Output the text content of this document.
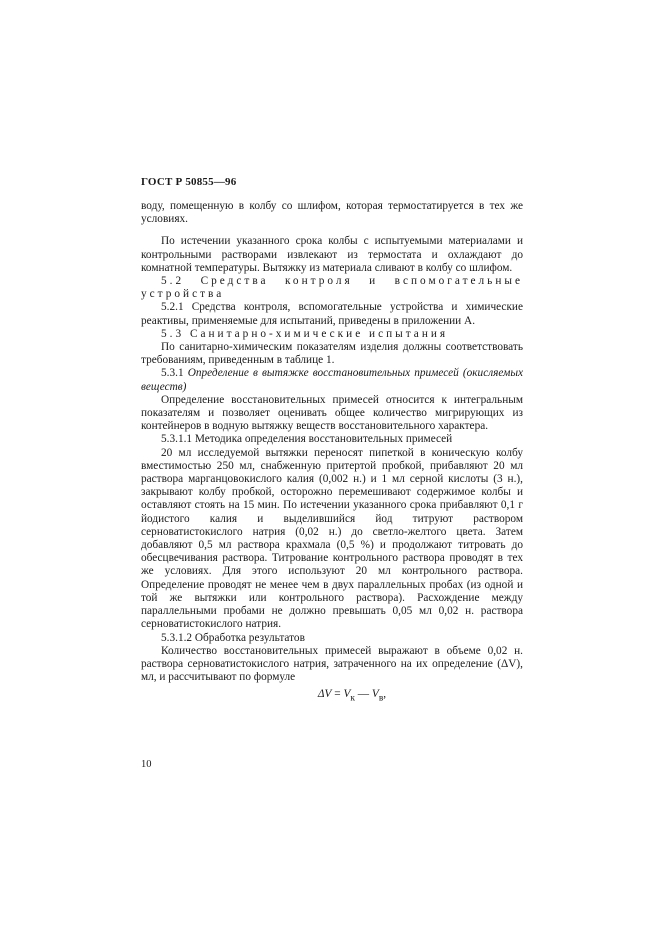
ГОСТ Р 50855—96

воду, помещенную в колбу со шлифом, которая термостатируется в тех же условиях.

По истечении указанного срока колбы с испытуемыми материалами и контрольными растворами извлекают из термостата и охлаждают до комнатной температуры. Вытяжку из материала сливают в колбу со шлифом.

5.2 Средства контроля и вспомогательные устройства

5.2.1 Средства контроля, вспомогательные устройства и химические реактивы, применяемые для испытаний, приведены в приложении А.

5.3 Санитарно-химические испытания

По санитарно-химическим показателям изделия должны соответствовать требованиям, приведенным в таблице 1.

5.3.1 Определение в вытяжке восстановительных примесей (окисляемых веществ)

Определение восстановительных примесей относится к интегральным показателям и позволяет оценивать общее количество мигрирующих из контейнеров в водную вытяжку веществ восстановительного характера.

5.3.1.1 Методика определения восстановительных примесей

20 мл исследуемой вытяжки переносят пипеткой в коническую колбу вместимостью 250 мл, снабженную притертой пробкой, прибавляют 20 мл раствора марганцовокислого калия (0,002 н.) и 1 мл серной кислоты (3 н.), закрывают колбу пробкой, осторожно перемешивают содержимое колбы и оставляют стоять на 15 мин. По истечении указанного срока прибавляют 0,1 г йодистого калия и выделившийся йод титруют раствором серноватистокислого натрия (0,02 н.) до светло-желтого цвета. Затем добавляют 0,5 мл раствора крахмала (0,5 %) и продолжают титровать до обесцвечивания раствора. Титрование контрольного раствора проводят в тех же условиях. Для этого используют 20 мл контрольного раствора. Определение проводят не менее чем в двух параллельных пробах (из одной и той же вытяжки или контрольного раствора). Расхождение между параллельными пробами не должно превышать 0,05 мл 0,02 н. раствора серноватистокислого натрия.

5.3.1.2 Обработка результатов

Количество восстановительных примесей выражают в объеме 0,02 н. раствора серноватистокислого натрия, затраченного на их определение (ΔV), мл, и рассчитывают по формуле

$\Delta V = V_к$ — $V_в$,

10
